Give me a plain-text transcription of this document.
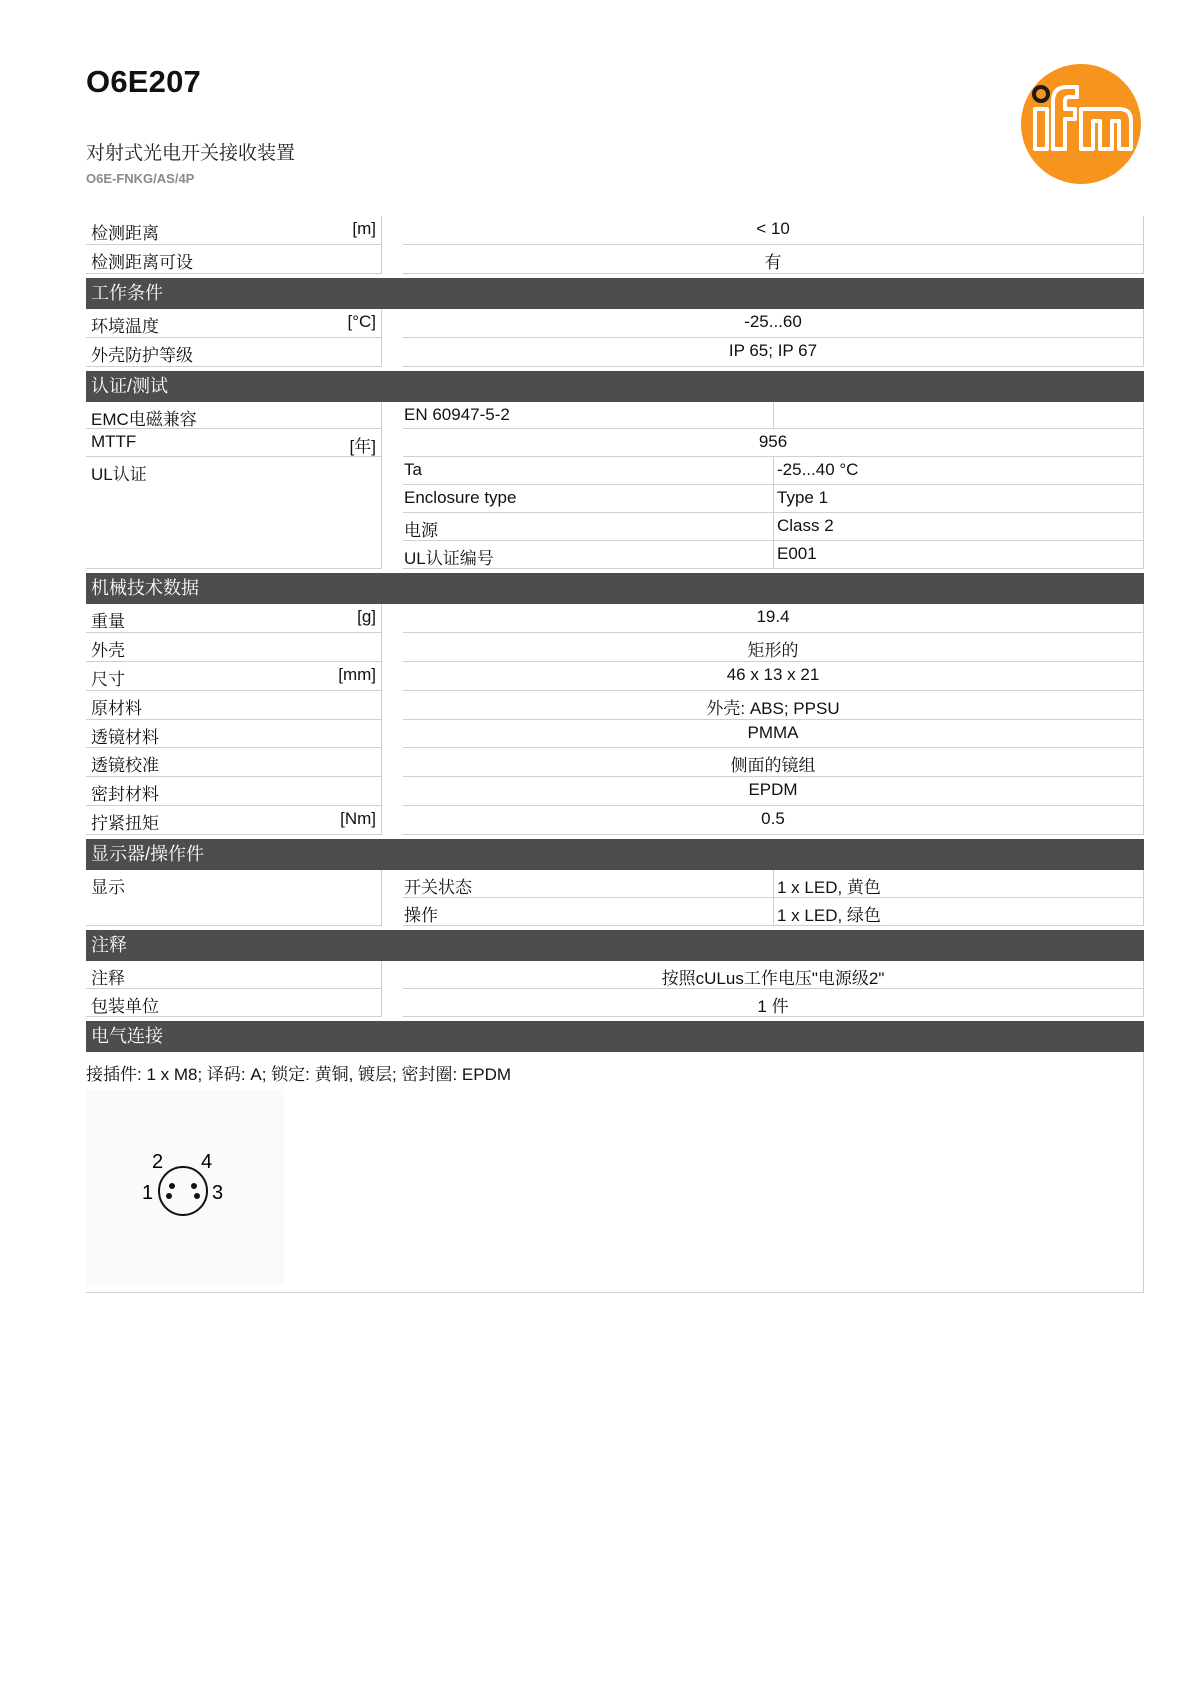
O6E207
对射式光电开关接收装置
O6E-FNKG/AS/4P
检测距离	[m]	< 10
检测距离可设	有
工作条件
环境温度	[°C]	-25...60
外壳防护等级	IP 65; IP 67
认证/测试
EMC电磁兼容	EN 60947-5-2
MTTF	[年]	956
UL认证	Ta	-25...40 °C
Enclosure type	Type 1
电源	Class 2
UL认证编号	E001
机械技术数据
重量	[g]	19.4
外壳	矩形的
尺寸	[mm]	46 x 13 x 21
原材料	外壳: ABS; PPSU
透镜材料	PMMA
透镜校准	侧面的镜组
密封材料	EPDM
拧紧扭矩	[Nm]	0.5
显示器/操作件
显示	开关状态	1 x LED, 黄色
操作	1 x LED, 绿色
注释
注释	按照cULus工作电压"电源级2"
包装单位	1 件
电气连接
接插件: 1 x M8; 译码: A; 锁定: 黄铜, 镀层; 密封圈: EPDM
1
2
3
4
